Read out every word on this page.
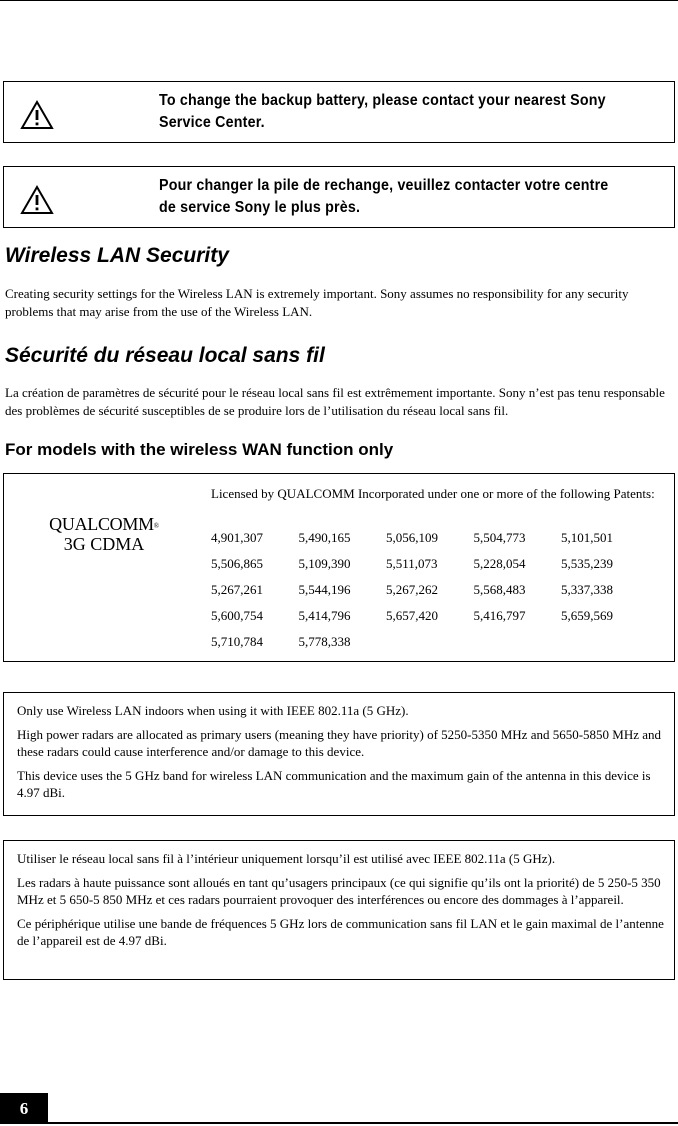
To change the backup battery, please contact your nearest Sony
Service Center.
Pour changer la pile de rechange, veuillez contacter votre centre
de service Sony le plus près.
Wireless LAN Security

Creating security settings for the Wireless LAN is extremely important. Sony assumes no responsibility for any security problems that may arise from the use of the Wireless LAN.

Sécurité du réseau local sans fil

La création de paramètres de sécurité pour le réseau local sans fil est extrêmement importante. Sony n’est pas tenu responsable des problèmes de sécurité susceptibles de se produire lors de l’utilisation du réseau local sans fil.

For models with the wireless WAN function only
QUALCOMM®
3G CDMA
Licensed by QUALCOMM Incorporated under one or more of the following Patents:
4,901,307	5,490,165	5,056,109	5,504,773	5,101,501
5,506,865	5,109,390	5,511,073	5,228,054	5,535,239
5,267,261	5,544,196	5,267,262	5,568,483	5,337,338
5,600,754	5,414,796	5,657,420	5,416,797	5,659,569
5,710,784	5,778,338

Only use Wireless LAN indoors when using it with IEEE 802.11a (5 GHz).

High power radars are allocated as primary users (meaning they have priority) of 5250-5350 MHz and 5650-5850 MHz and these radars could cause interference and/or damage to this device.

This device uses the 5 GHz band for wireless LAN communication and the maximum gain of the antenna in this device is 4.97 dBi.

Utiliser le réseau local sans fil à l’intérieur uniquement lorsqu’il est utilisé avec IEEE 802.11a (5 GHz).

Les radars à haute puissance sont alloués en tant qu’usagers principaux (ce qui signifie qu’ils ont la priorité) de 5 250-5 350 MHz et 5 650-5 850 MHz et ces radars pourraient provoquer des interférences ou encore des dommages à l’appareil.

Ce périphérique utilise une bande de fréquences 5 GHz lors de communication sans fil LAN et le gain maximal de l’antenne de l’appareil est de 4.97 dBi.

6
